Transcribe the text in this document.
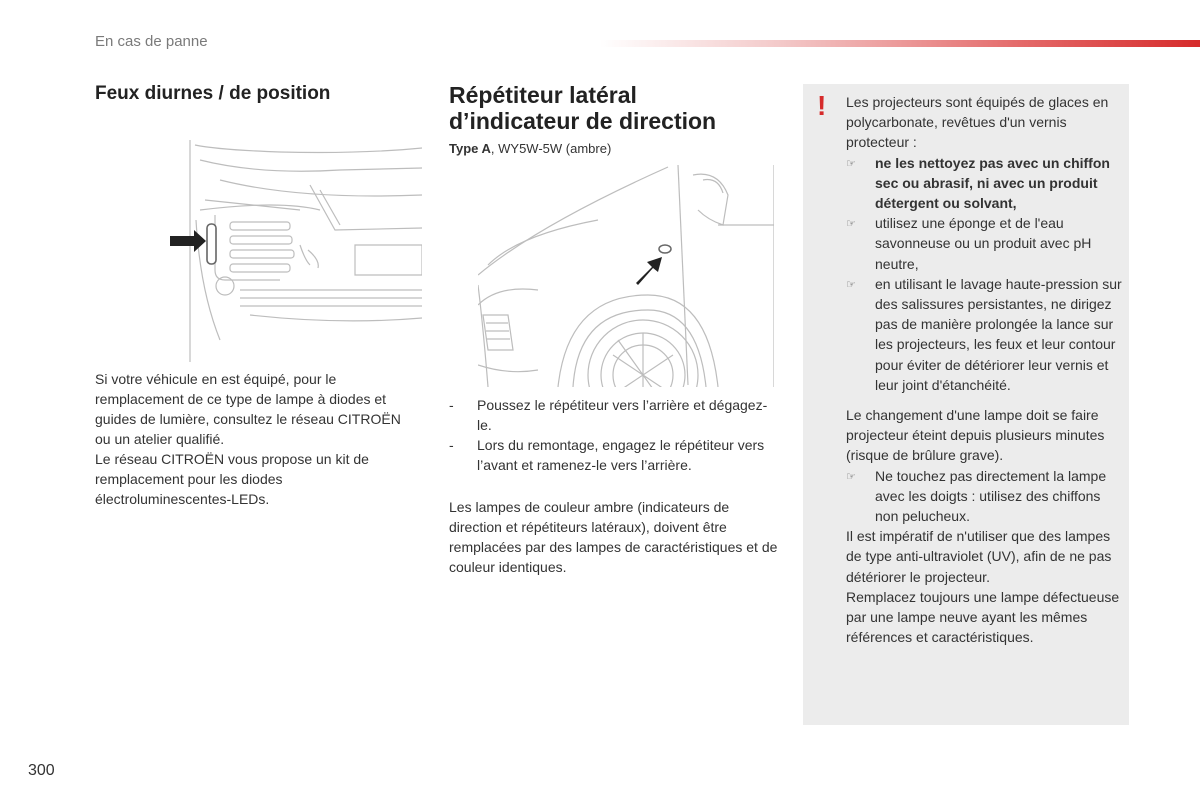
En cas de panne
Feux diurnes / de position

Si votre véhicule en est équipé, pour le remplacement de ce type de lampe à diodes et guides de lumière, consultez le réseau CITROËN ou un atelier qualifié.

Le réseau CITROËN vous propose un kit de remplacement pour les diodes électroluminescentes-LEDs.

Répétiteur latéral
d’indicateur de direction
Type A, WY5W-5W (ambre)
-	Poussez le répétiteur vers l’arrière et dégagez-le.
-	Lors du remontage, engagez le répétiteur vers l’avant et ramenez-le vers l’arrière.

Les lampes de couleur ambre (indicateurs de direction et répétiteurs latéraux), doivent être remplacées par des lampes de caractéristiques et de couleur identiques.

! Les projecteurs sont équipés de glaces en polycarbonate, revêtues d'un vernis protecteur :

☞	ne les nettoyez pas avec un chiffon sec ou abrasif, ni avec un produit détergent ou solvant,
☞	utilisez une éponge et de l'eau savonneuse ou un produit avec pH neutre,
☞	en utilisant le lavage haute-pression sur des salissures persistantes, ne dirigez pas de manière prolongée la lance sur les projecteurs, les feux et leur contour pour éviter de détériorer leur vernis et leur joint d'étanchéité.

Le changement d'une lampe doit se faire projecteur éteint depuis plusieurs minutes (risque de brûlure grave).

☞	Ne touchez pas directement la lampe avec les doigts : utilisez des chiffons non pelucheux.

Il est impératif de n'utiliser que des lampes de type anti-ultraviolet (UV), afin de ne pas détériorer le projecteur.

Remplacez toujours une lampe défectueuse par une lampe neuve ayant les mêmes références et caractéristiques.

300
